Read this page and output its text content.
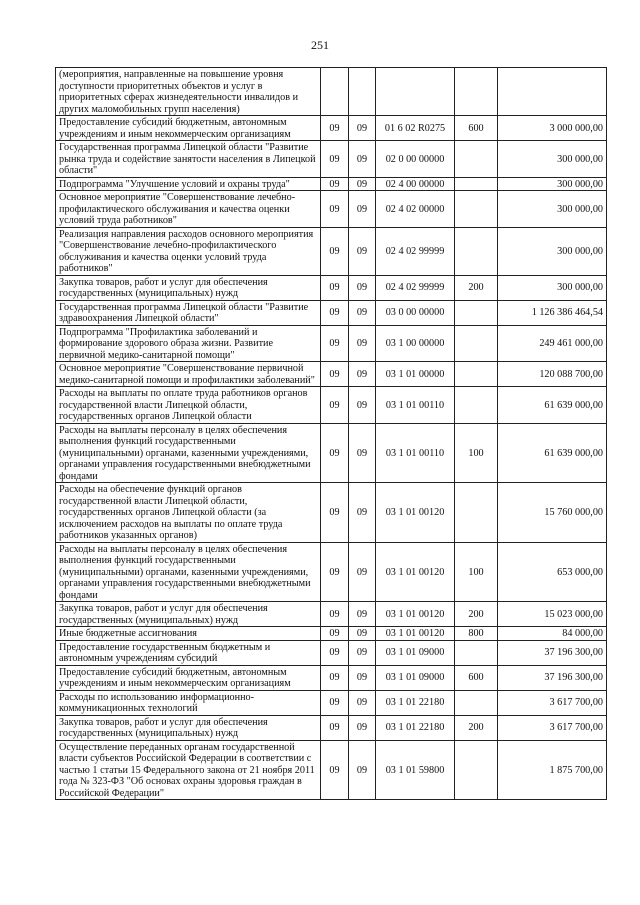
251
(мероприятия, направленные на повышение уровня доступности приоритетных объектов и услуг в приоритетных сферах жизнедеятельности инвалидов и других маломобильных групп населения)					
Предоставление субсидий бюджетным, автономным учреждениям и иным некоммерческим организациям	09	09	01 6 02 R0275	600	3 000 000,00
Государственная программа Липецкой области "Развитие рынка труда и содействие занятости населения в Липецкой области"	09	09	02 0 00 00000		300 000,00
Подпрограмма "Улучшение условий и охраны труда"	09	09	02 4 00 00000		300 000,00
Основное мероприятие "Совершенствование лечебно-профилактического обслуживания и качества оценки условий труда работников"	09	09	02 4 02 00000		300 000,00
Реализация направления расходов основного мероприятия "Совершенствование лечебно-профилактического обслуживания и качества оценки условий труда работников"	09	09	02 4 02 99999		300 000,00
Закупка товаров, работ и услуг для обеспечения государственных (муниципальных) нужд	09	09	02 4 02 99999	200	300 000,00
Государственная программа Липецкой области "Развитие здравоохранения Липецкой области"	09	09	03 0 00 00000		1 126 386 464,54
Подпрограмма "Профилактика заболеваний и формирование здорового образа жизни. Развитие первичной медико-санитарной помощи"	09	09	03 1 00 00000		249 461 000,00
Основное мероприятие "Совершенствование первичной медико-санитарной помощи и профилактики заболеваний"	09	09	03 1 01 00000		120 088 700,00
Расходы на выплаты по оплате труда работников органов государственной власти Липецкой области, государственных органов Липецкой области	09	09	03 1 01 00110		61 639 000,00
Расходы на выплаты персоналу в целях обеспечения выполнения функций государственными (муниципальными) органами, казенными учреждениями, органами управления государственными внебюджетными фондами	09	09	03 1 01 00110	100	61 639 000,00
Расходы на обеспечение функций органов государственной власти Липецкой области, государственных органов Липецкой области (за исключением расходов на выплаты по оплате труда работников указанных органов)	09	09	03 1 01 00120		15 760 000,00
Расходы на выплаты персоналу в целях обеспечения выполнения функций государственными (муниципальными) органами, казенными учреждениями, органами управления государственными внебюджетными фондами	09	09	03 1 01 00120	100	653 000,00
Закупка товаров, работ и услуг для обеспечения государственных (муниципальных) нужд	09	09	03 1 01 00120	200	15 023 000,00
Иные бюджетные ассигнования	09	09	03 1 01 00120	800	84 000,00
Предоставление государственным бюджетным и автономным учреждениям субсидий	09	09	03 1 01 09000		37 196 300,00
Предоставление субсидий бюджетным, автономным учреждениям и иным некоммерческим организациям	09	09	03 1 01 09000	600	37 196 300,00
Расходы по использованию информационно-коммуникационных технологий	09	09	03 1 01 22180		3 617 700,00
Закупка товаров, работ и услуг для обеспечения государственных (муниципальных) нужд	09	09	03 1 01 22180	200	3 617 700,00
Осуществление переданных органам государственной власти субъектов Российской Федерации в соответствии с частью 1 статьи 15 Федерального закона от 21 ноября 2011 года № 323-ФЗ "Об основах охраны здоровья граждан в Российской Федерации"	09	09	03 1 01 59800		1 875 700,00
